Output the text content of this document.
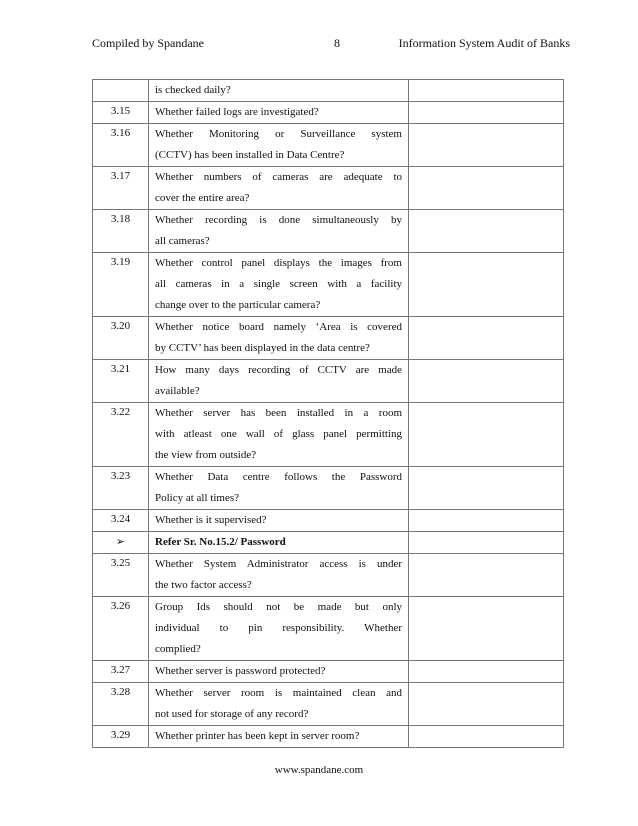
Compiled by Spandane	8	Information System Audit of Banks

	is checked daily?	

3.15	Whether failed logs are investigated?	

3.16	Whether Monitoring or Surveillance system
(CCTV) has been installed in Data Centre?	

3.17	Whether numbers of cameras are adequate to
cover the entire area?	

3.18	Whether recording is done simultaneously by
all cameras?	

3.19	Whether control panel displays the images from
all cameras in a single screen with a facility
change over to the particular camera?	

3.20	Whether notice board namely ‘Area is covered
by CCTV’ has been displayed in the data centre?	

3.21	How many days recording of CCTV are made
available?	

3.22	Whether server has been installed in a room
with atleast one wall of glass panel permitting
the view from outside?	

3.23	Whether Data centre follows the Password
Policy at all times?	

3.24	Whether is it supervised?	

➢	Refer Sr. No.15.2/ Password	

3.25	Whether System Administrator access is under
the two factor access?	

3.26	Group Ids should not be made but only
individual to pin responsibility. Whether
complied?	

3.27	Whether server is password protected?	

3.28	Whether server room is maintained clean and
not used for storage of any record?	

3.29	Whether printer has been kept in server room?	

www.spandane.com
